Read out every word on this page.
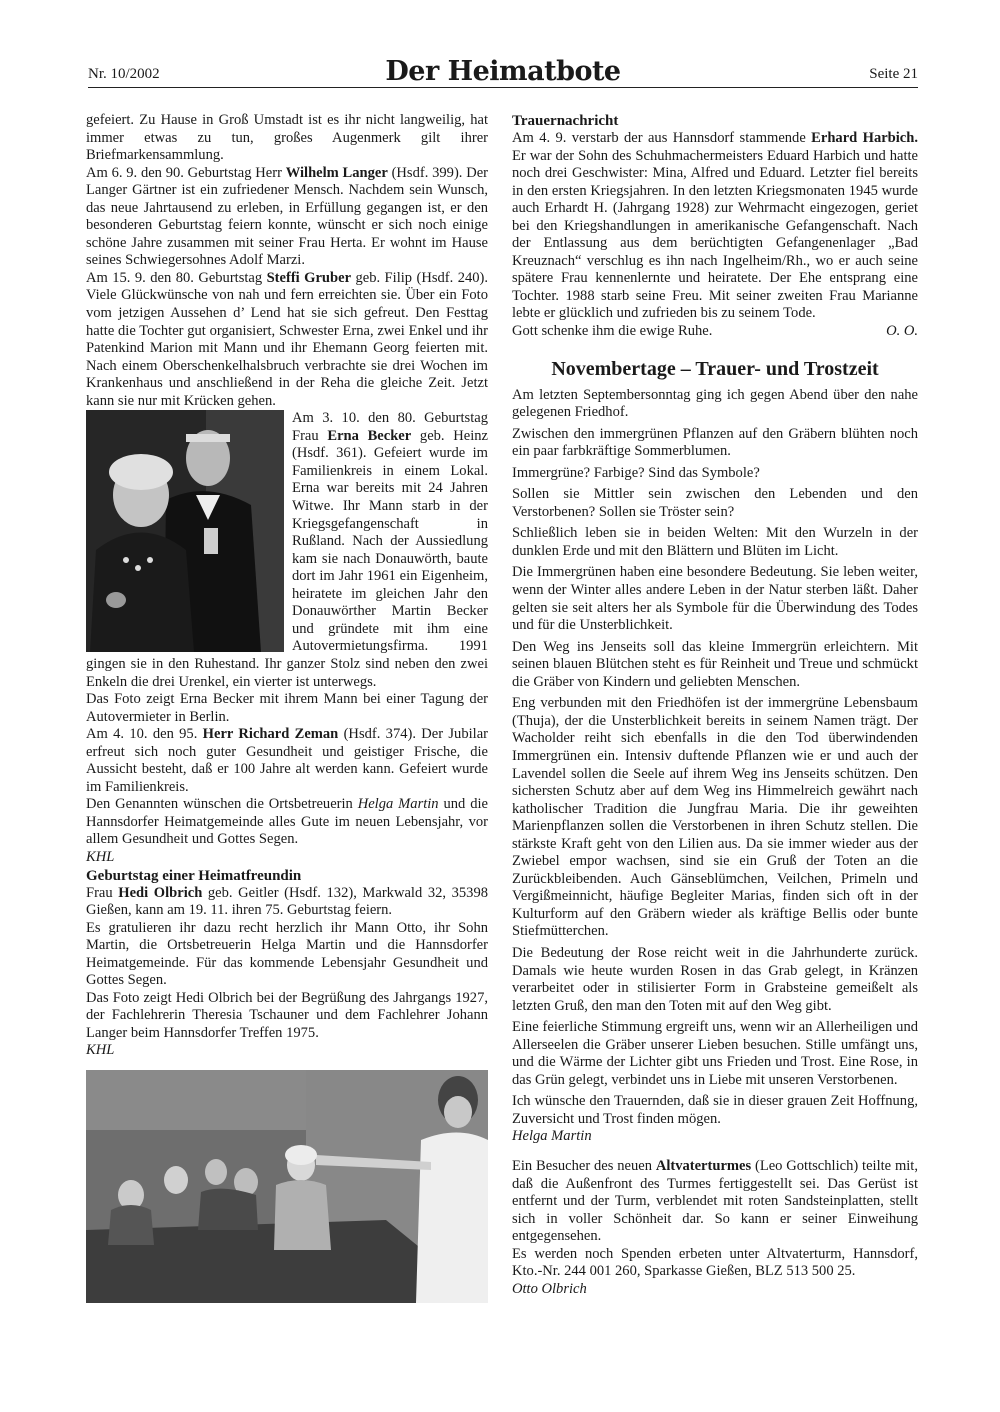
Nr. 10/2002	Der Heimatbote	Seite 21

gefeiert. Zu Hause in Groß Umstadt ist es ihr nicht langweilig, hat immer etwas zu tun, großes Augenmerk gilt ihrer Briefmarkensammlung.

Am 6. 9. den 90. Geburtstag Herr Wilhelm Langer (Hsdf. 399). Der Langer Gärtner ist ein zufriedener Mensch. Nachdem sein Wunsch, das neue Jahrtausend zu erleben, in Erfüllung gegangen ist, er den besonderen Geburtstag feiern konnte, wünscht er sich noch einige schöne Jahre zusammen mit seiner Frau Herta. Er wohnt im Hause seines Schwiegersohnes Adolf Marzi.

Am 15. 9. den 80. Geburtstag Steffi Gruber geb. Filip (Hsdf. 240). Viele Glückwünsche von nah und fern erreichten sie. Über ein Foto vom jetzigen Aussehen d’ Lend hat sie sich gefreut. Den Festtag hatte die Tochter gut organisiert, Schwester Erna, zwei Enkel und ihr Patenkind Marion mit Mann und ihr Ehemann Georg feierten mit. Nach einem Oberschenkelhalsbruch verbrachte sie drei Wochen im Krankenhaus und anschließend in der Reha die gleiche Zeit. Jetzt kann sie nur mit Krücken gehen.

Am 3. 10. den 80. Geburtstag Frau Erna Becker geb. Heinz (Hsdf. 361). Gefeiert wurde im Familienkreis in einem Lokal. Erna war bereits mit 24 Jahren Witwe. Ihr Mann starb in der Kriegsgefangenschaft in Rußland. Nach der Aussiedlung kam sie nach Donauwörth, baute dort im Jahr 1961 ein Eigenheim, heiratete im gleichen Jahr den Donauwörther Martin Becker und gründete mit ihm eine Autovermietungsfirma. 1991 gingen sie in den Ruhestand. Ihr ganzer Stolz sind neben den zwei Enkeln die drei Urenkel, ein vierter ist unterwegs.

Das Foto zeigt Erna Becker mit ihrem Mann bei einer Tagung der Autovermieter in Berlin.

Am 4. 10. den 95. Herr Richard Zeman (Hsdf. 374). Der Jubilar erfreut sich noch guter Gesundheit und geistiger Frische, die Aussicht besteht, daß er 100 Jahre alt werden kann. Gefeiert wurde im Familienkreis.

Den Genannten wünschen die Ortsbetreuerin Helga Martin und die Hannsdorfer Heimatgemeinde alles Gute im neuen Lebensjahr, vor allem Gesundheit und Gottes Segen.

KHL

Geburtstag einer Heimatfreundin

Frau Hedi Olbrich geb. Geitler (Hsdf. 132), Markwald 32, 35398 Gießen, kann am 19. 11. ihren 75. Geburtstag feiern.

Es gratulieren ihr dazu recht herzlich ihr Mann Otto, ihr Sohn Martin, die Ortsbetreuerin Helga Martin und die Hannsdorfer Heimatgemeinde. Für das kommende Lebensjahr Gesundheit und Gottes Segen.

Das Foto zeigt Hedi Olbrich bei der Begrüßung des Jahrgangs 1927, der Fachlehrerin Theresia Tschauner und dem Fachlehrer Johann Langer beim Hannsdorfer Treffen 1975.

KHL

Trauernachricht

Am 4. 9. verstarb der aus Hannsdorf stammende Erhard Harbich. Er war der Sohn des Schuhmachermeisters Eduard Harbich und hatte noch drei Geschwister: Mina, Alfred und Eduard. Letzter fiel bereits in den ersten Kriegsjahren. In den letzten Kriegsmonaten 1945 wurde auch Erhardt H. (Jahrgang 1928) zur Wehrmacht eingezogen, geriet bei den Kriegshandlungen in amerikanische Gefangenschaft. Nach der Entlassung aus dem berüchtigten Gefangenenlager „Bad Kreuznach“ verschlug es ihn nach Ingelheim/Rh., wo er auch seine spätere Frau kennenlernte und heiratete. Der Ehe entsprang eine Tochter. 1988 starb seine Freu. Mit seiner zweiten Frau Marianne lebte er glücklich und zufrieden bis zu seinem Tode.

Gott schenke ihm die ewige Ruhe.	O. O.

Novembertage – Trauer- und Trostzeit

Am letzten Septembersonntag ging ich gegen Abend über den nahe gelegenen Friedhof.

Zwischen den immergrünen Pflanzen auf den Gräbern blühten noch ein paar farbkräftige Sommerblumen.

Immergrüne? Farbige? Sind das Symbole?

Sollen sie Mittler sein zwischen den Lebenden und den Verstorbenen? Sollen sie Tröster sein?

Schließlich leben sie in beiden Welten: Mit den Wurzeln in der dunklen Erde und mit den Blättern und Blüten im Licht.

Die Immergrünen haben eine besondere Bedeutung. Sie leben weiter, wenn der Winter alles andere Leben in der Natur sterben läßt. Daher gelten sie seit alters her als Symbole für die Überwindung des Todes und für die Unsterblichkeit.

Den Weg ins Jenseits soll das kleine Immergrün erleichtern. Mit seinen blauen Blütchen steht es für Reinheit und Treue und schmückt die Gräber von Kindern und geliebten Menschen.

Eng verbunden mit den Friedhöfen ist der immergrüne Lebensbaum (Thuja), der die Unsterblichkeit bereits in seinem Namen trägt. Der Wacholder reiht sich ebenfalls in die den Tod überwindenden Immergrünen ein. Intensiv duftende Pflanzen wie er und auch der Lavendel sollen die Seele auf ihrem Weg ins Jenseits schützen. Den sichersten Schutz aber auf dem Weg ins Himmelreich gewährt nach katholischer Tradition die Jungfrau Maria. Die ihr geweihten Marienpflanzen sollen die Verstorbenen in ihren Schutz stellen. Die stärkste Kraft geht von den Lilien aus. Da sie immer wieder aus der Zwiebel empor wachsen, sind sie ein Gruß der Toten an die Zurückbleibenden. Auch Gänseblümchen, Veilchen, Primeln und Vergißmeinnicht, häufige Begleiter Marias, finden sich oft in der Kulturform auf den Gräbern wieder als kräftige Bellis oder bunte Stiefmütterchen.

Die Bedeutung der Rose reicht weit in die Jahrhunderte zurück. Damals wie heute wurden Rosen in das Grab gelegt, in Kränzen verarbeitet oder in stilisierter Form in Grabsteine gemeißelt als letzten Gruß, den man den Toten mit auf den Weg gibt.

Eine feierliche Stimmung ergreift uns, wenn wir an Allerheiligen und Allerseelen die Gräber unserer Lieben besuchen. Stille umfängt uns, und die Wärme der Lichter gibt uns Frieden und Trost. Eine Rose, in das Grün gelegt, verbindet uns in Liebe mit unseren Verstorbenen.

Ich wünsche den Trauernden, daß sie in dieser grauen Zeit Hoffnung, Zuversicht und Trost finden mögen.

Helga Martin

Ein Besucher des neuen Altvaterturmes (Leo Gottschlich) teilte mit, daß die Außenfront des Turmes fertiggestellt sei. Das Gerüst ist entfernt und der Turm, verblendet mit roten Sandsteinplatten, stellt sich in voller Schönheit dar. So kann er seiner Einweihung entgegensehen.

Es werden noch Spenden erbeten unter Altvaterturm, Hannsdorf, Kto.-Nr. 244 001 260, Sparkasse Gießen, BLZ 513 500 25.

Otto Olbrich
